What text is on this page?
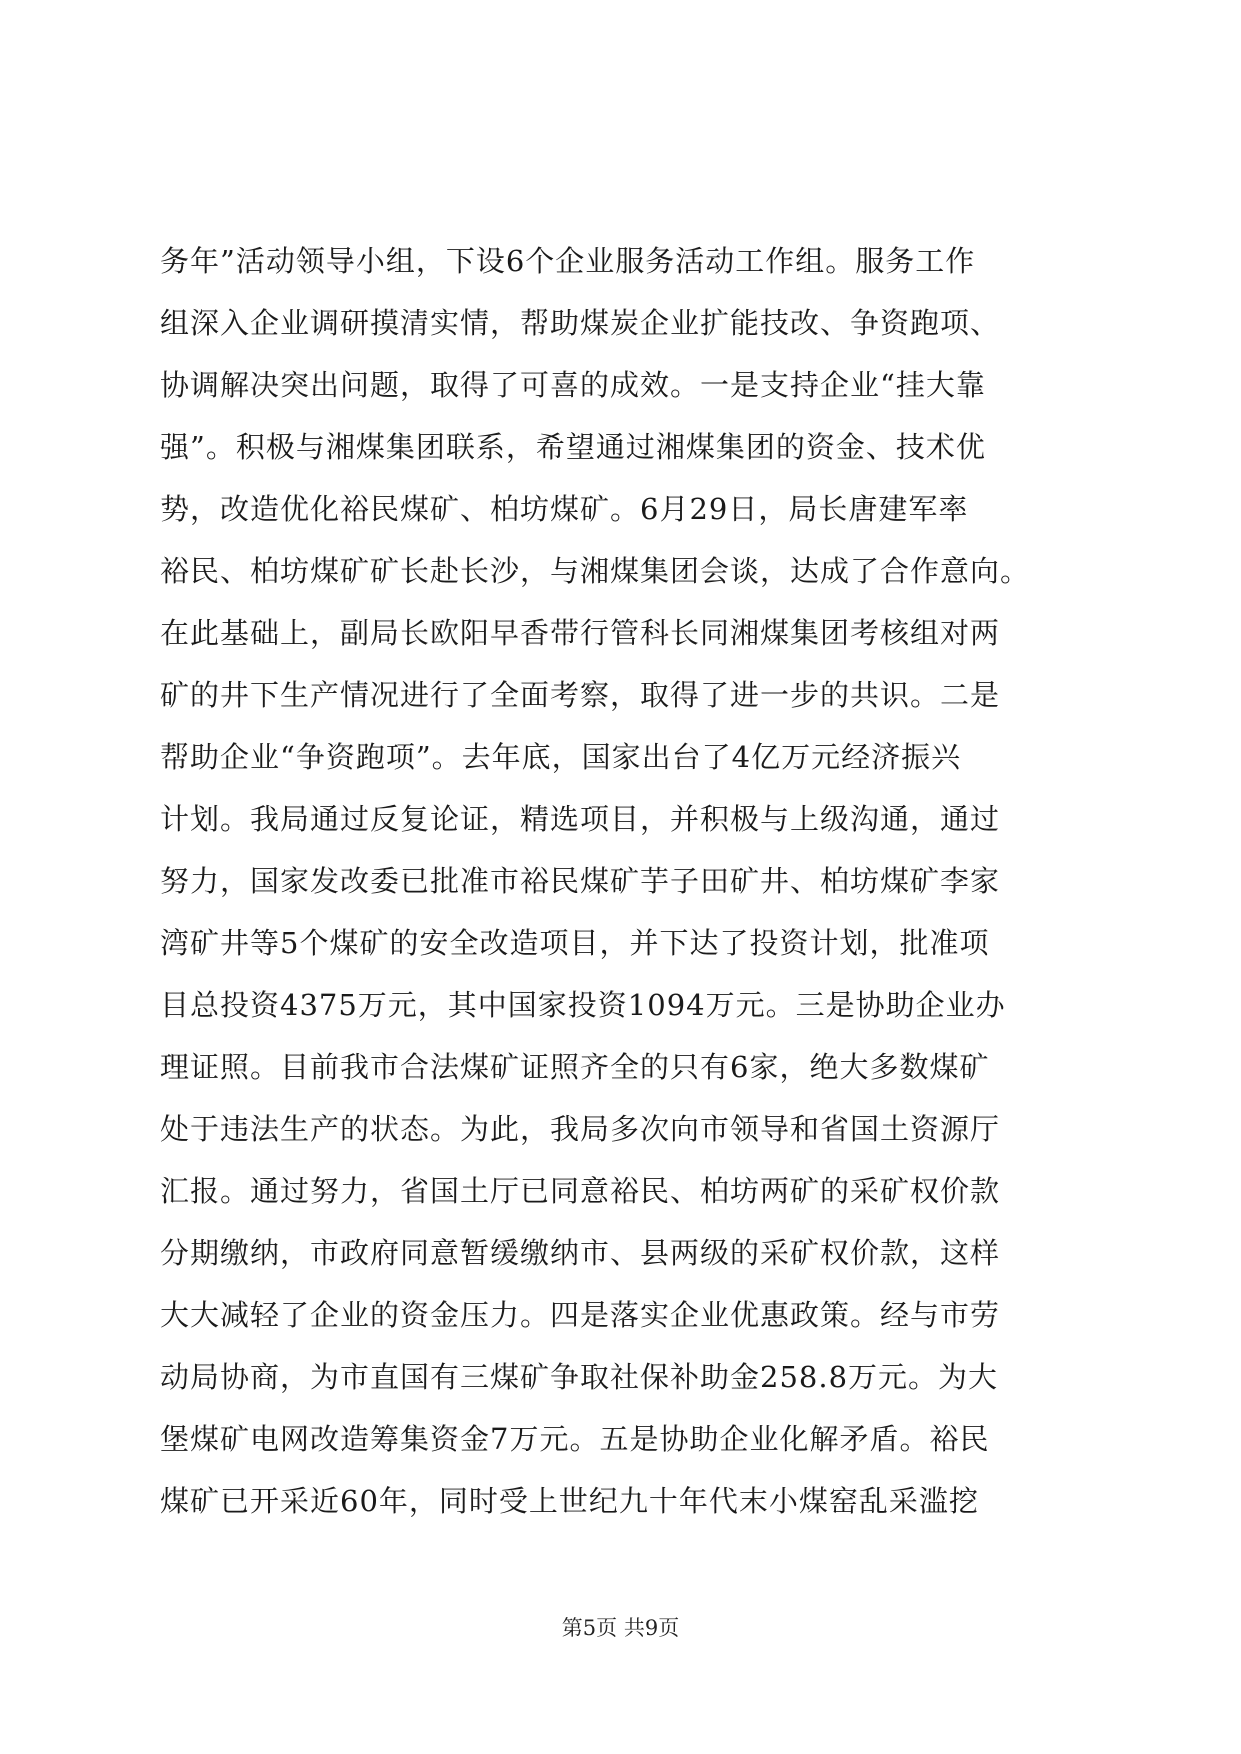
务年”活动领导小组，下设6个企业服务活动工作组。服务工作
组深入企业调研摸清实情，帮助煤炭企业扩能技改、争资跑项、
协调解决突出问题，取得了可喜的成效。一是支持企业“挂大靠
强”。积极与湘煤集团联系，希望通过湘煤集团的资金、技术优
势，改造优化裕民煤矿、柏坊煤矿。6月29日，局长唐建军率
裕民、柏坊煤矿矿长赴长沙，与湘煤集团会谈，达成了合作意向。
在此基础上，副局长欧阳早香带行管科长同湘煤集团考核组对两
矿的井下生产情况进行了全面考察，取得了进一步的共识。二是
帮助企业“争资跑项”。去年底，国家出台了4亿万元经济振兴
计划。我局通过反复论证，精选项目，并积极与上级沟通，通过
努力，国家发改委已批准市裕民煤矿芋子田矿井、柏坊煤矿李家
湾矿井等5个煤矿的安全改造项目，并下达了投资计划，批准项
目总投资4375万元，其中国家投资1094万元。三是协助企业办
理证照。目前我市合法煤矿证照齐全的只有6家，绝大多数煤矿
处于违法生产的状态。为此，我局多次向市领导和省国土资源厅
汇报。通过努力，省国土厅已同意裕民、柏坊两矿的采矿权价款
分期缴纳，市政府同意暂缓缴纳市、县两级的采矿权价款，这样
大大减轻了企业的资金压力。四是落实企业优惠政策。经与市劳
动局协商，为市直国有三煤矿争取社保补助金258.8万元。为大
堡煤矿电网改造筹集资金7万元。五是协助企业化解矛盾。裕民
煤矿已开采近60年，同时受上世纪九十年代末小煤窑乱采滥挖
第5页 共9页
